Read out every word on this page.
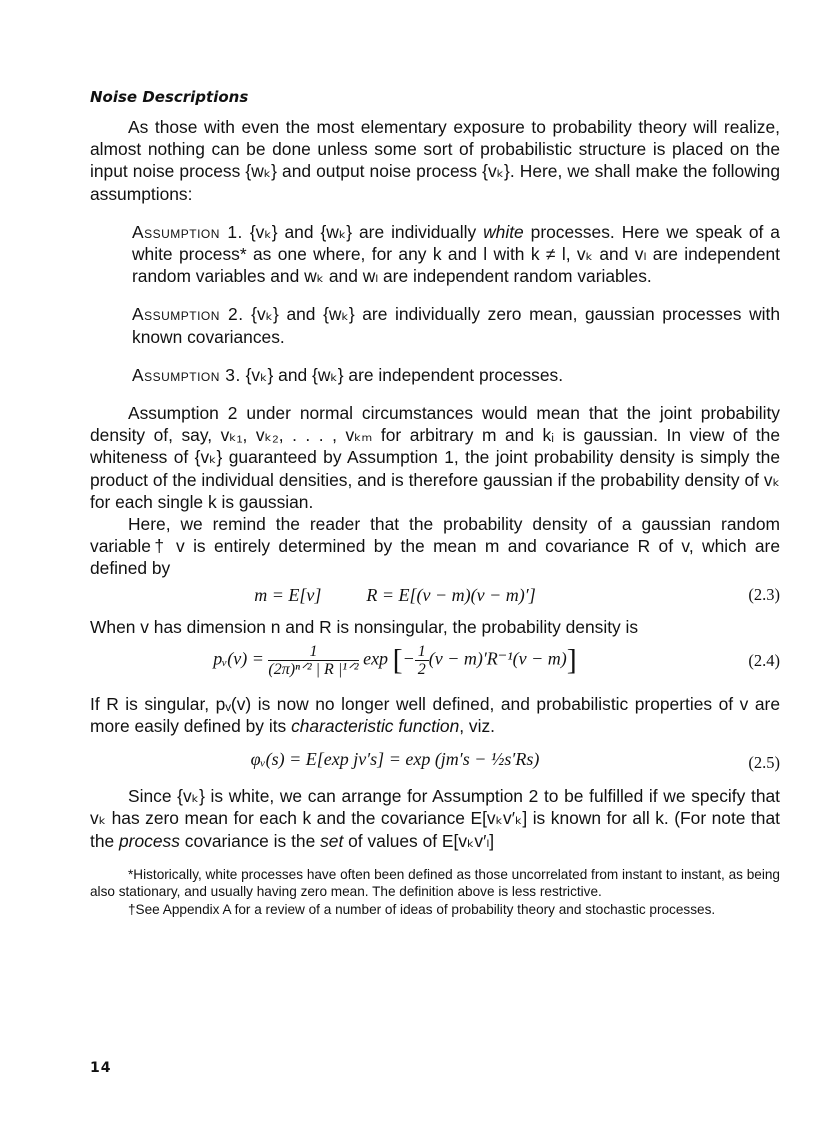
Noise Descriptions

As those with even the most elementary exposure to probability theory will realize, almost nothing can be done unless some sort of probabilistic structure is placed on the input noise process {wₖ} and output noise process {vₖ}. Here, we shall make the following assumptions:

Assumption 1. {vₖ} and {wₖ} are individually white processes. Here we speak of a white process* as one where, for any k and l with k ≠ l, vₖ and vₗ are independent random variables and wₖ and wₗ are independent random variables.

Assumption 2. {vₖ} and {wₖ} are individually zero mean, gaussian processes with known covariances.

Assumption 3. {vₖ} and {wₖ} are independent processes.

Assumption 2 under normal circumstances would mean that the joint probability density of, say, vₖ₁, vₖ₂, . . . , vₖₘ for arbitrary m and kᵢ is gaussian. In view of the whiteness of {vₖ} guaranteed by Assumption 1, the joint probability density is simply the product of the individual densities, and is therefore gaussian if the probability density of vₖ for each single k is gaussian.

Here, we remind the reader that the probability density of a gaussian random variable† v is entirely determined by the mean m and covariance R of v, which are defined by

m = E[v]          R = E[(v − m)(v − m)′]	(2.3)

When v has dimension n and R is nonsingular, the probability density is

pᵥ(v) = $\frac{1}{\text{(2π)ⁿᐟ² | R |¹ᐟ²}}$ exp [− $\frac{1}{2} (v - m)'R^{-1}(v - m)$]	(2.4)

If R is singular, pᵥ(v) is now no longer well defined, and probabilistic properties of v are more easily defined by its characteristic function, viz.

φᵥ(s) = E[exp jv′s] = exp (jm′s − ½s′Rs)	(2.5)

Since {vₖ} is white, we can arrange for Assumption 2 to be fulfilled if we specify that vₖ has zero mean for each k and the covariance E[vₖv′ₖ] is known for all k. (For note that the process covariance is the set of values of E[vₖv′ₗ]

*Historically, white processes have often been defined as those uncorrelated from instant to instant, as being also stationary, and usually having zero mean. The definition above is less restrictive.

†See Appendix A for a review of a number of ideas of probability theory and stochastic processes.

14
